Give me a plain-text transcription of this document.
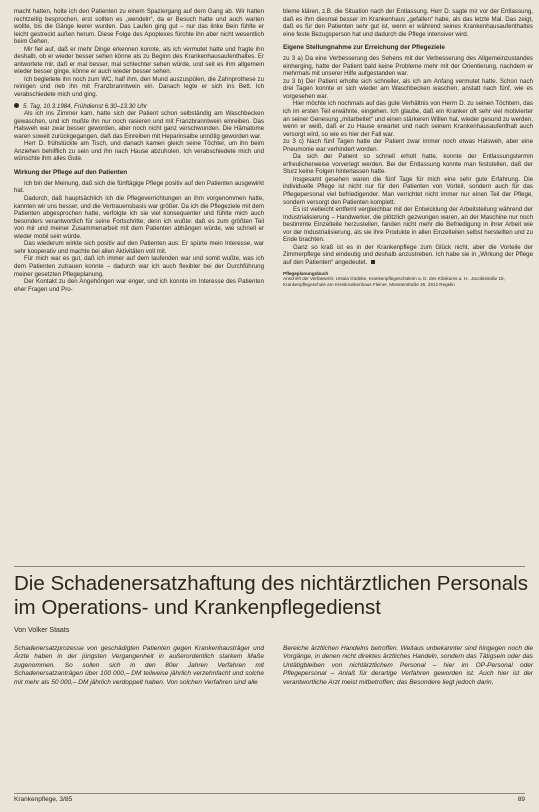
macht hatten, holte ich den Patienten zu einem Spaziergang auf dem Gang ab. Wir hatten rechtzeitig besprochen, erst sollten es „wendeln“, da er Besuch hatte und auch warten wollte, bis die Gänge leerer wurden. Das Laufen ging gut – nur das linke Bein fühlte er leicht gestreckt außen herum. Diese Folge des Apoplexes fürchte ihn aber nicht wesentlich beim Gehen.

Mir fiel auf, daß er mehr Dinge erkennen konnte, als ich vermutet hatte und fragte ihn deshalb, ob er wieder besser sehen könne als zu Beginn des Krankenhausaufenthaltes. Er antwortete mir, daß er mal besser, mal schlechter sehen würde, und seit es ihm allgemein wieder besser ginge, könne er auch wieder besser sehen.

Ich begleitete ihn noch zum WC, half ihm, den Mund auszuspülen, die Zahnprothese zu reinigen und rieb ihn mit Franzbranntwein ein. Danach legte er sich ins Bett. Ich verabschiedete mich und ging.

5. Tag, 10.3.1984, Frühdienst 6.30–13.30 Uhr

Als ich ins Zimmer kam, hatte sich der Patient schon selbständig am Waschbecken gewaschen, und ich mußte ihn nur noch rasieren und mit Franzbranntwein einreiben. Das Halsweh war zwar besser geworden, aber noch nicht ganz verschwunden. Die Hämatome waren soweit zurückgegangen, daß das Einreiben mit Heparinsalbe unnötig geworden war.

Herr D. frühstückte am Tisch, und danach kamen gleich seine Töchter, um ihn beim Anziehen behilflich zu sein und ihn nach Hause abzuholen. Ich verabschiedete mich und wünschte ihm alles Gute.

Wirkung der Pflege auf den Patienten

Ich bin der Meinung, daß sich die fünftägige Pflege positiv auf den Patienten ausgewirkt hat.

Dadurch, daß hauptsächlich ich die Pflegeverrichtungen an ihm vorgenommen hatte, kannten wir uns besser, und die Vertrauensbasis war größer. Da ich die Pflegeziele mit dem Patienten abgesprochen hatte, verfolgte ich sie viel konsequenter und fühlte mich auch besonders verantwortlich für seine Fortschritte; denn ich wußte: daß es zum größten Teil von mir und meiner Zusammenarbeit mit dem Patienten abhängen würde, wie schnell er wieder mobil sein würde.

Das wiederum wirkte sich positiv auf den Patienten aus: Er spürte mein Interesse, war sehr kooperativ und machte bei allen Aktivitäten voll mit.

Für mich war es gut, daß ich immer auf dem laufenden war und somit wußte, was ich dem Patienten zutrauen konnte – dadurch war ich auch flexibler bei der Durchführung meiner gesetzten Pflegeplanung.

Der Kontakt zu den Angehörigen war enger, und ich konnte im Interesse des Patienten eher Fragen und Pro-

bleme klären, z.B. die Situation nach der Entlassung. Herr D. sagte mir vor der Entlassung, daß es ihm diesmal besser im Krankenhaus „gefallen“ habe, als das letzte Mal. Das zeigt, daß es für den Patienten sehr gut ist, wenn er während seines Krankenhausaufenthaltes eine feste Bezugsperson hat und dadurch die Pflege intensiver wird.

Eigene Stellungnahme zur Erreichung der Pflegeziele

zu 3 a) Da eine Verbesserung des Sehens mit der Verbesserung des Allgemeinzustandes einherging, hatte der Patient bald keine Probleme mehr mit der Orientierung, nachdem er mehrmals mit unserer Hilfe aufgestanden war.

zu 3 b) Der Patient erholte sich schneller, als ich am Anfang vermutet hatte. Schon nach drei Tagen konnte er sich wieder am Waschbecken waschen, anstatt nach fünf, wie es vorgesehen war.

Hier möchte ich nochmals auf das gute Verhältnis von Herrn D. zu seinen Töchtern, das ich im ersten Teil erwähnte, eingehen. Ich glaube, daß ein Kranker oft sehr viel motivierter an seiner Genesung „mitarbeitet“ und einen stärkeren Willen hat, wieder gesund zu werden, wenn er weiß, daß er zu Hause erwartet und nach seinem Krankenhausaufenthalt auch versorgt wird, so wie es hier der Fall war.

zu 3 c) Nach fünf Tagen hatte der Patient zwar immer noch etwas Halsweh, aber eine Pneumonie war verhindert worden.

Da sich der Patient so schnell erholt hatte, konnte der Entlassungstermin erfreulicherweise vorverlegt werden. Bei der Entlassung konnte man feststellen, daß der Sturz keine Folgen hinterlassen hatte.

Insgesamt gesehen waren die fünf Tage für mich eine sehr gute Erfahrung. Die individuelle Pflege ist nicht nur für den Patienten von Vorteil, sondern auch für das Pflegepersonal viel befriedigender. Man verrichtet nicht immer nur einen Teil der Pflege, sondern versorgt den Patienten komplett.

Es ist vielleicht entfernt vergleichbar mit der Entwicklung der Arbeitsteilung während der Industrialisierung – Handwerker, die plötzlich gezwungen waren, an der Maschine nur noch bestimmte Einzelteile herzustellen, fanden nicht mehr die Befriedigung in ihrer Arbeit wie vor der Industrialisierung, als sie ihre Produkte in allen Einzelteilen selbst herstellten und zu Ende brachten.

Ganz so kraß ist es in der Krankenpflege zum Glück nicht, aber die Vorteile der Zimmerpflege sind eindeutig und deshalb anzustreben. Ich habe sie in „Wirkung der Pflege auf den Patienten“ angedeutet.

Pflegeplanungsbuch
Anschrift der Verfasserin: Ursula Gödeke, Krankenpflegeschülerin a. D. des Klinikums a. H., Jacobistraße 15, Krankenpflegeschule am Kreiskrankenhaus Fleiner, Münsterstraße 26, 2912 Regelin

Die Schadenersatzhaftung des nichtärztlichen Personals im Operations- und Krankenpflegedienst

Von Volker Staats

Schadenersatzprozesse von geschädigten Patienten gegen Krankenhausträger und Ärzte haben in der jüngsten Vergangenheit in außerordentlich starkem Maße zugenommen. So sollen sich in den 80er Jahren Verfahren mit Schadenersatzanträgen über 100 000,– DM teilweise jährlich verzehnfacht und solche mit mehr als 50 000,– DM jährlich verdoppelt haben. Von solchen Verfahren sind alle

Bereiche ärztlichen Handelns betroffen. Weitaus unbekannter sind hingegen noch die Vorgänge, in denen nicht direktes ärztliches Handeln, sondern das Tätigsein oder das Untätigbleiben von nichtärztlichem Personal – hier im OP-Personal oder Pflegepersonal – Anlaß für derartige Verfahren geworden ist. Auch hier ist der verantwortliche Arzt meist mitbetroffen; das Besondere liegt jedoch darin,

Krankenpflege, 3/85	89
